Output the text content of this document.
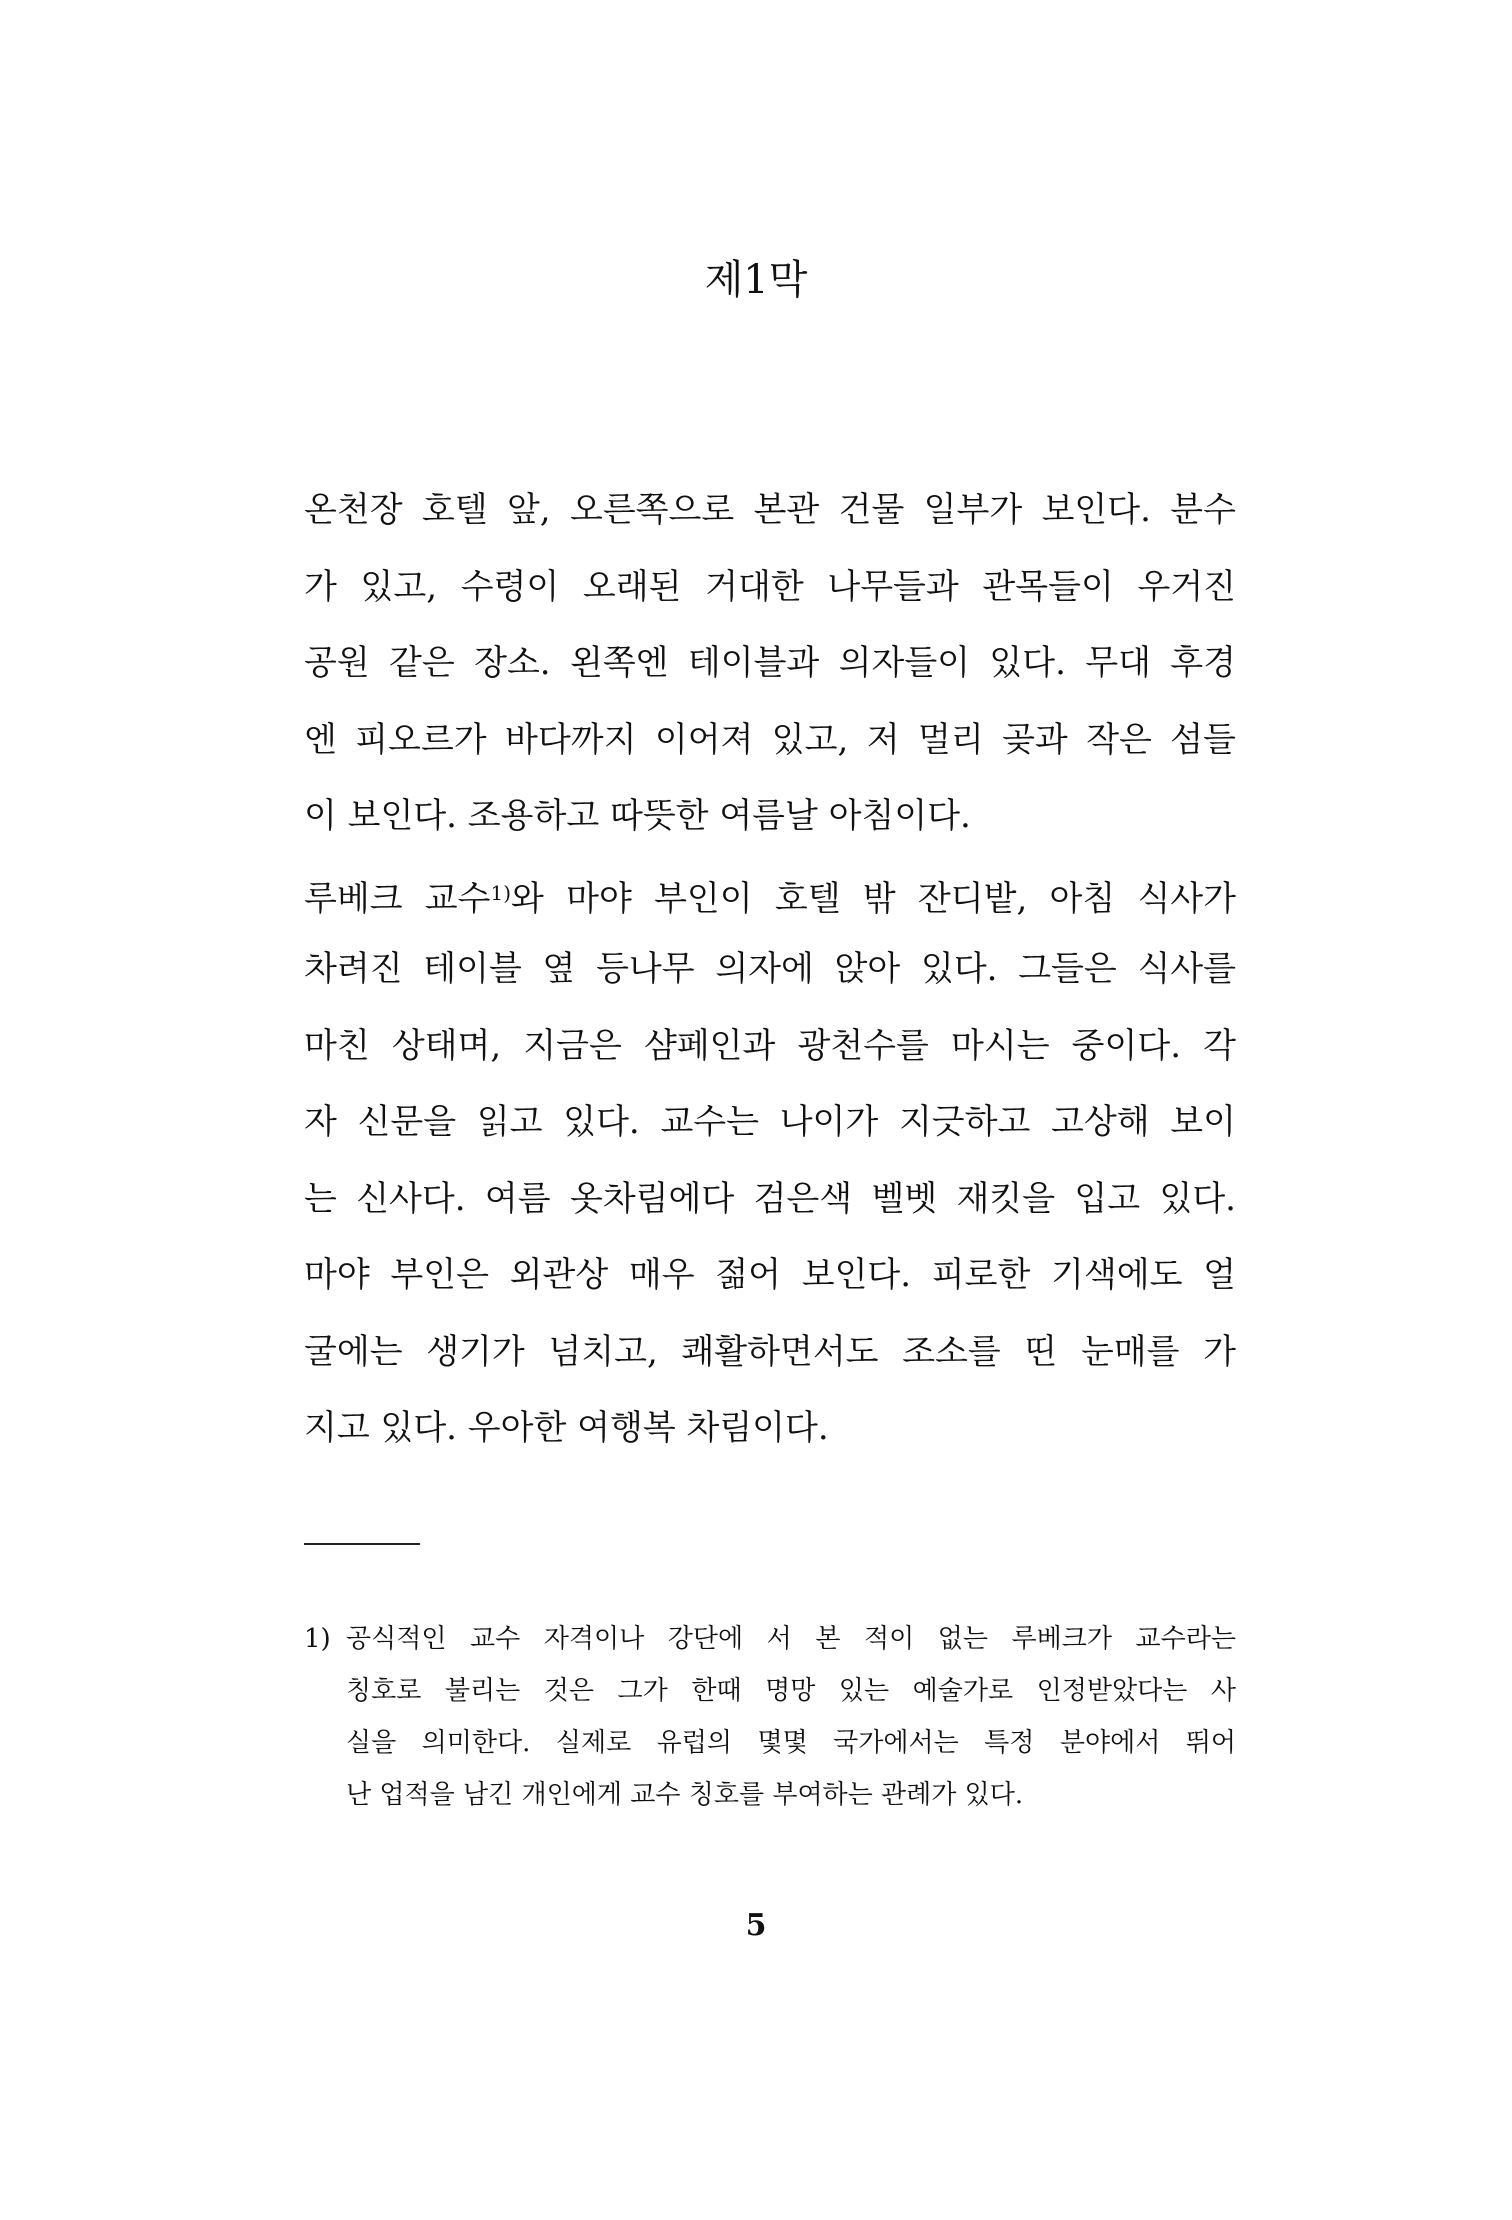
제1막
온천장 호텔 앞, 오른쪽으로 본관 건물 일부가 보인다. 분수
가 있고, 수령이 오래된 거대한 나무들과 관목들이 우거진
공원 같은 장소. 왼쪽엔 테이블과 의자들이 있다. 무대 후경
엔 피오르가 바다까지 이어져 있고, 저 멀리 곶과 작은 섬들
이 보인다. 조용하고 따뜻한 여름날 아침이다.
루베크 교수$^{1)}$와 마야 부인이 호텔 밖 잔디밭, 아침 식사가
차려진 테이블 옆 등나무 의자에 앉아 있다. 그들은 식사를
마친 상태며, 지금은 샴페인과 광천수를 마시는 중이다. 각
자 신문을 읽고 있다. 교수는 나이가 지긋하고 고상해 보이
는 신사다. 여름 옷차림에다 검은색 벨벳 재킷을 입고 있다.
마야 부인은 외관상 매우 젊어 보인다. 피로한 기색에도 얼
굴에는 생기가 넘치고, 쾌활하면서도 조소를 띤 눈매를 가
지고 있다. 우아한 여행복 차림이다.
1) 공식적인 교수 자격이나 강단에 서 본 적이 없는 루베크가 교수라는
칭호로 불리는 것은 그가 한때 명망 있는 예술가로 인정받았다는 사
실을 의미한다. 실제로 유럽의 몇몇 국가에서는 특정 분야에서 뛰어
난 업적을 남긴 개인에게 교수 칭호를 부여하는 관례가 있다.
5
